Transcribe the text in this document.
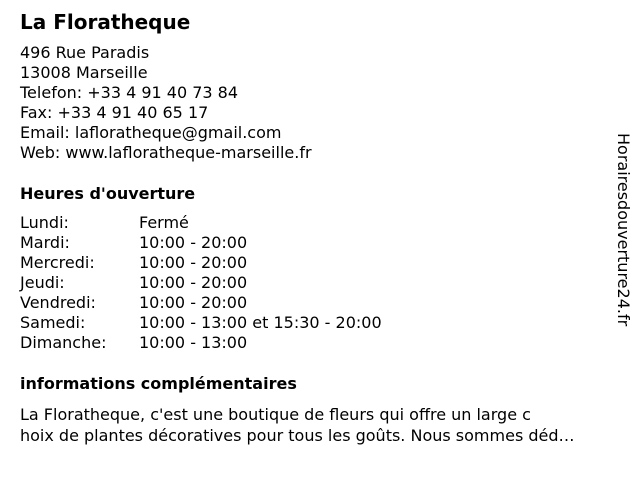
La Floratheque
496 Rue Paradis
13008 Marseille
Telefon: +33 4 91 40 73 84
Fax: +33 4 91 40 65 17
Email: lafloratheque@gmail.com
Web: www.lafloratheque-marseille.fr
Heures d'ouverture
Lundi:	Fermé
Mardi:	10:00 - 20:00
Mercredi:	10:00 - 20:00
Jeudi:	10:00 - 20:00
Vendredi:	10:00 - 20:00
Samedi:	10:00 - 13:00 et 15:30 - 20:00
Dimanche:	10:00 - 13:00
informations complémentaires
La Floratheque, c'est une boutique de fleurs qui offre un large c
hoix de plantes décoratives pour tous les goûts. Nous sommes déd…
Horairesdouverture24.fr
